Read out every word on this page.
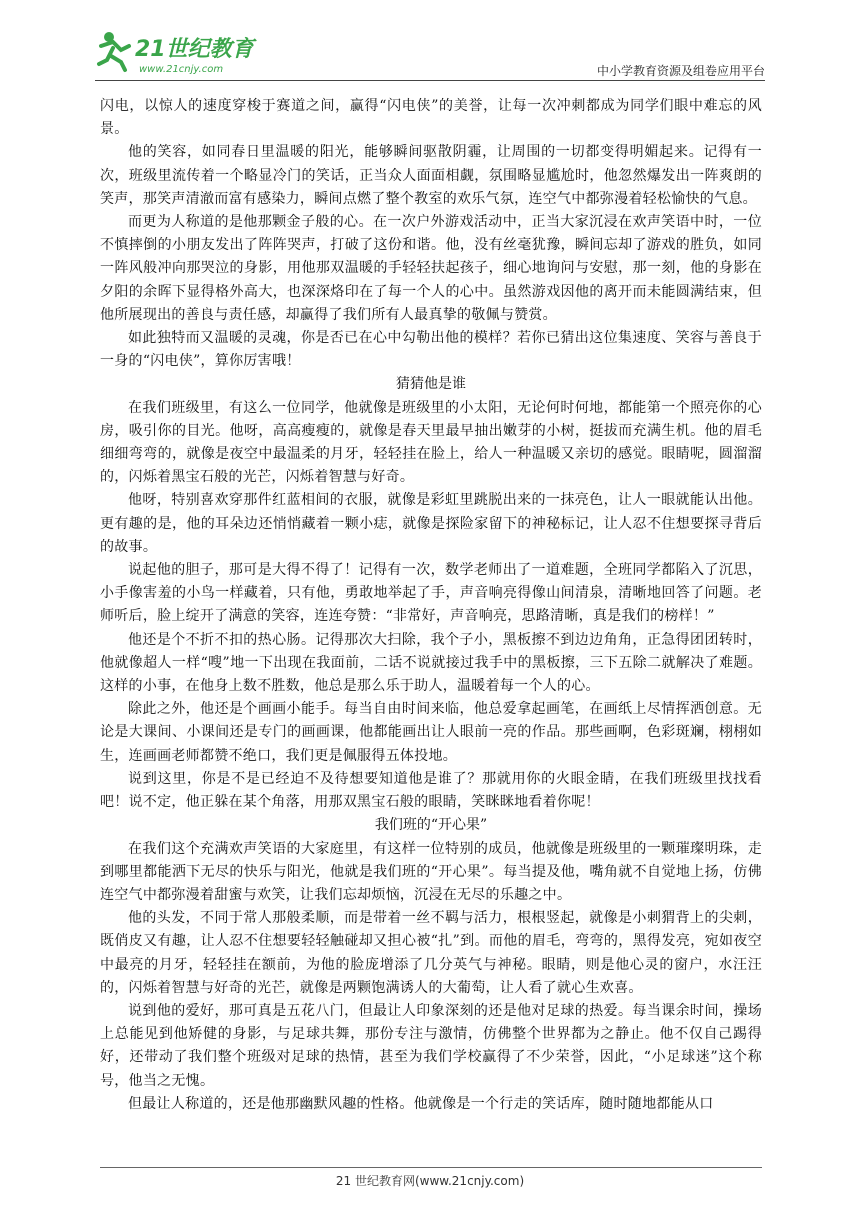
21世纪教育
www.21cnjy.com	中小学教育资源及组卷应用平台

闪电，以惊人的速度穿梭于赛道之间，赢得“闪电侠”的美誉，让每一次冲刺都成为同学们眼中难忘的风景。

他的笑容，如同春日里温暖的阳光，能够瞬间驱散阴霾，让周围的一切都变得明媚起来。记得有一次，班级里流传着一个略显冷门的笑话，正当众人面面相觑，氛围略显尴尬时，他忽然爆发出一阵爽朗的笑声，那笑声清澈而富有感染力，瞬间点燃了整个教室的欢乐气氛，连空气中都弥漫着轻松愉快的气息。

而更为人称道的是他那颗金子般的心。在一次户外游戏活动中，正当大家沉浸在欢声笑语中时，一位不慎摔倒的小朋友发出了阵阵哭声，打破了这份和谐。他，没有丝毫犹豫，瞬间忘却了游戏的胜负，如同一阵风般冲向那哭泣的身影，用他那双温暖的手轻轻扶起孩子，细心地询问与安慰，那一刻，他的身影在夕阳的余晖下显得格外高大，也深深烙印在了每一个人的心中。虽然游戏因他的离开而未能圆满结束，但他所展现出的善良与责任感，却赢得了我们所有人最真挚的敬佩与赞赏。

如此独特而又温暖的灵魂，你是否已在心中勾勒出他的模样？若你已猜出这位集速度、笑容与善良于一身的“闪电侠”，算你厉害哦！

猜猜他是谁

在我们班级里，有这么一位同学，他就像是班级里的小太阳，无论何时何地，都能第一个照亮你的心房，吸引你的目光。他呀，高高瘦瘦的，就像是春天里最早抽出嫩芽的小树，挺拔而充满生机。他的眉毛细细弯弯的，就像是夜空中最温柔的月牙，轻轻挂在脸上，给人一种温暖又亲切的感觉。眼睛呢，圆溜溜的，闪烁着黑宝石般的光芒，闪烁着智慧与好奇。

他呀，特别喜欢穿那件红蓝相间的衣服，就像是彩虹里跳脱出来的一抹亮色，让人一眼就能认出他。更有趣的是，他的耳朵边还悄悄藏着一颗小痣，就像是探险家留下的神秘标记，让人忍不住想要探寻背后的故事。

说起他的胆子，那可是大得不得了！记得有一次，数学老师出了一道难题，全班同学都陷入了沉思，小手像害羞的小鸟一样藏着，只有他，勇敢地举起了手，声音响亮得像山间清泉，清晰地回答了问题。老师听后，脸上绽开了满意的笑容，连连夸赞：“非常好，声音响亮，思路清晰，真是我们的榜样！”

他还是个不折不扣的热心肠。记得那次大扫除，我个子小，黑板擦不到边边角角，正急得团团转时，他就像超人一样“嗖”地一下出现在我面前，二话不说就接过我手中的黑板擦，三下五除二就解决了难题。这样的小事，在他身上数不胜数，他总是那么乐于助人，温暖着每一个人的心。

除此之外，他还是个画画小能手。每当自由时间来临，他总爱拿起画笔，在画纸上尽情挥洒创意。无论是大课间、小课间还是专门的画画课，他都能画出让人眼前一亮的作品。那些画啊，色彩斑斓，栩栩如生，连画画老师都赞不绝口，我们更是佩服得五体投地。

说到这里，你是不是已经迫不及待想要知道他是谁了？那就用你的火眼金睛，在我们班级里找找看吧！说不定，他正躲在某个角落，用那双黑宝石般的眼睛，笑眯眯地看着你呢！

我们班的“开心果”

在我们这个充满欢声笑语的大家庭里，有这样一位特别的成员，他就像是班级里的一颗璀璨明珠，走到哪里都能洒下无尽的快乐与阳光，他就是我们班的“开心果”。每当提及他，嘴角就不自觉地上扬，仿佛连空气中都弥漫着甜蜜与欢笑，让我们忘却烦恼，沉浸在无尽的乐趣之中。

他的头发，不同于常人那般柔顺，而是带着一丝不羁与活力，根根竖起，就像是小刺猬背上的尖刺，既俏皮又有趣，让人忍不住想要轻轻触碰却又担心被“扎”到。而他的眉毛，弯弯的，黑得发亮，宛如夜空中最亮的月牙，轻轻挂在额前，为他的脸庞增添了几分英气与神秘。眼睛，则是他心灵的窗户，水汪汪的，闪烁着智慧与好奇的光芒，就像是两颗饱满诱人的大葡萄，让人看了就心生欢喜。

说到他的爱好，那可真是五花八门，但最让人印象深刻的还是他对足球的热爱。每当课余时间，操场上总能见到他矫健的身影，与足球共舞，那份专注与激情，仿佛整个世界都为之静止。他不仅自己踢得好，还带动了我们整个班级对足球的热情，甚至为我们学校赢得了不少荣誉，因此，“小足球迷”这个称号，他当之无愧。

但最让人称道的，还是他那幽默风趣的性格。他就像是一个行走的笑话库，随时随地都能从口

21 世纪教育网(www.21cnjy.com)
